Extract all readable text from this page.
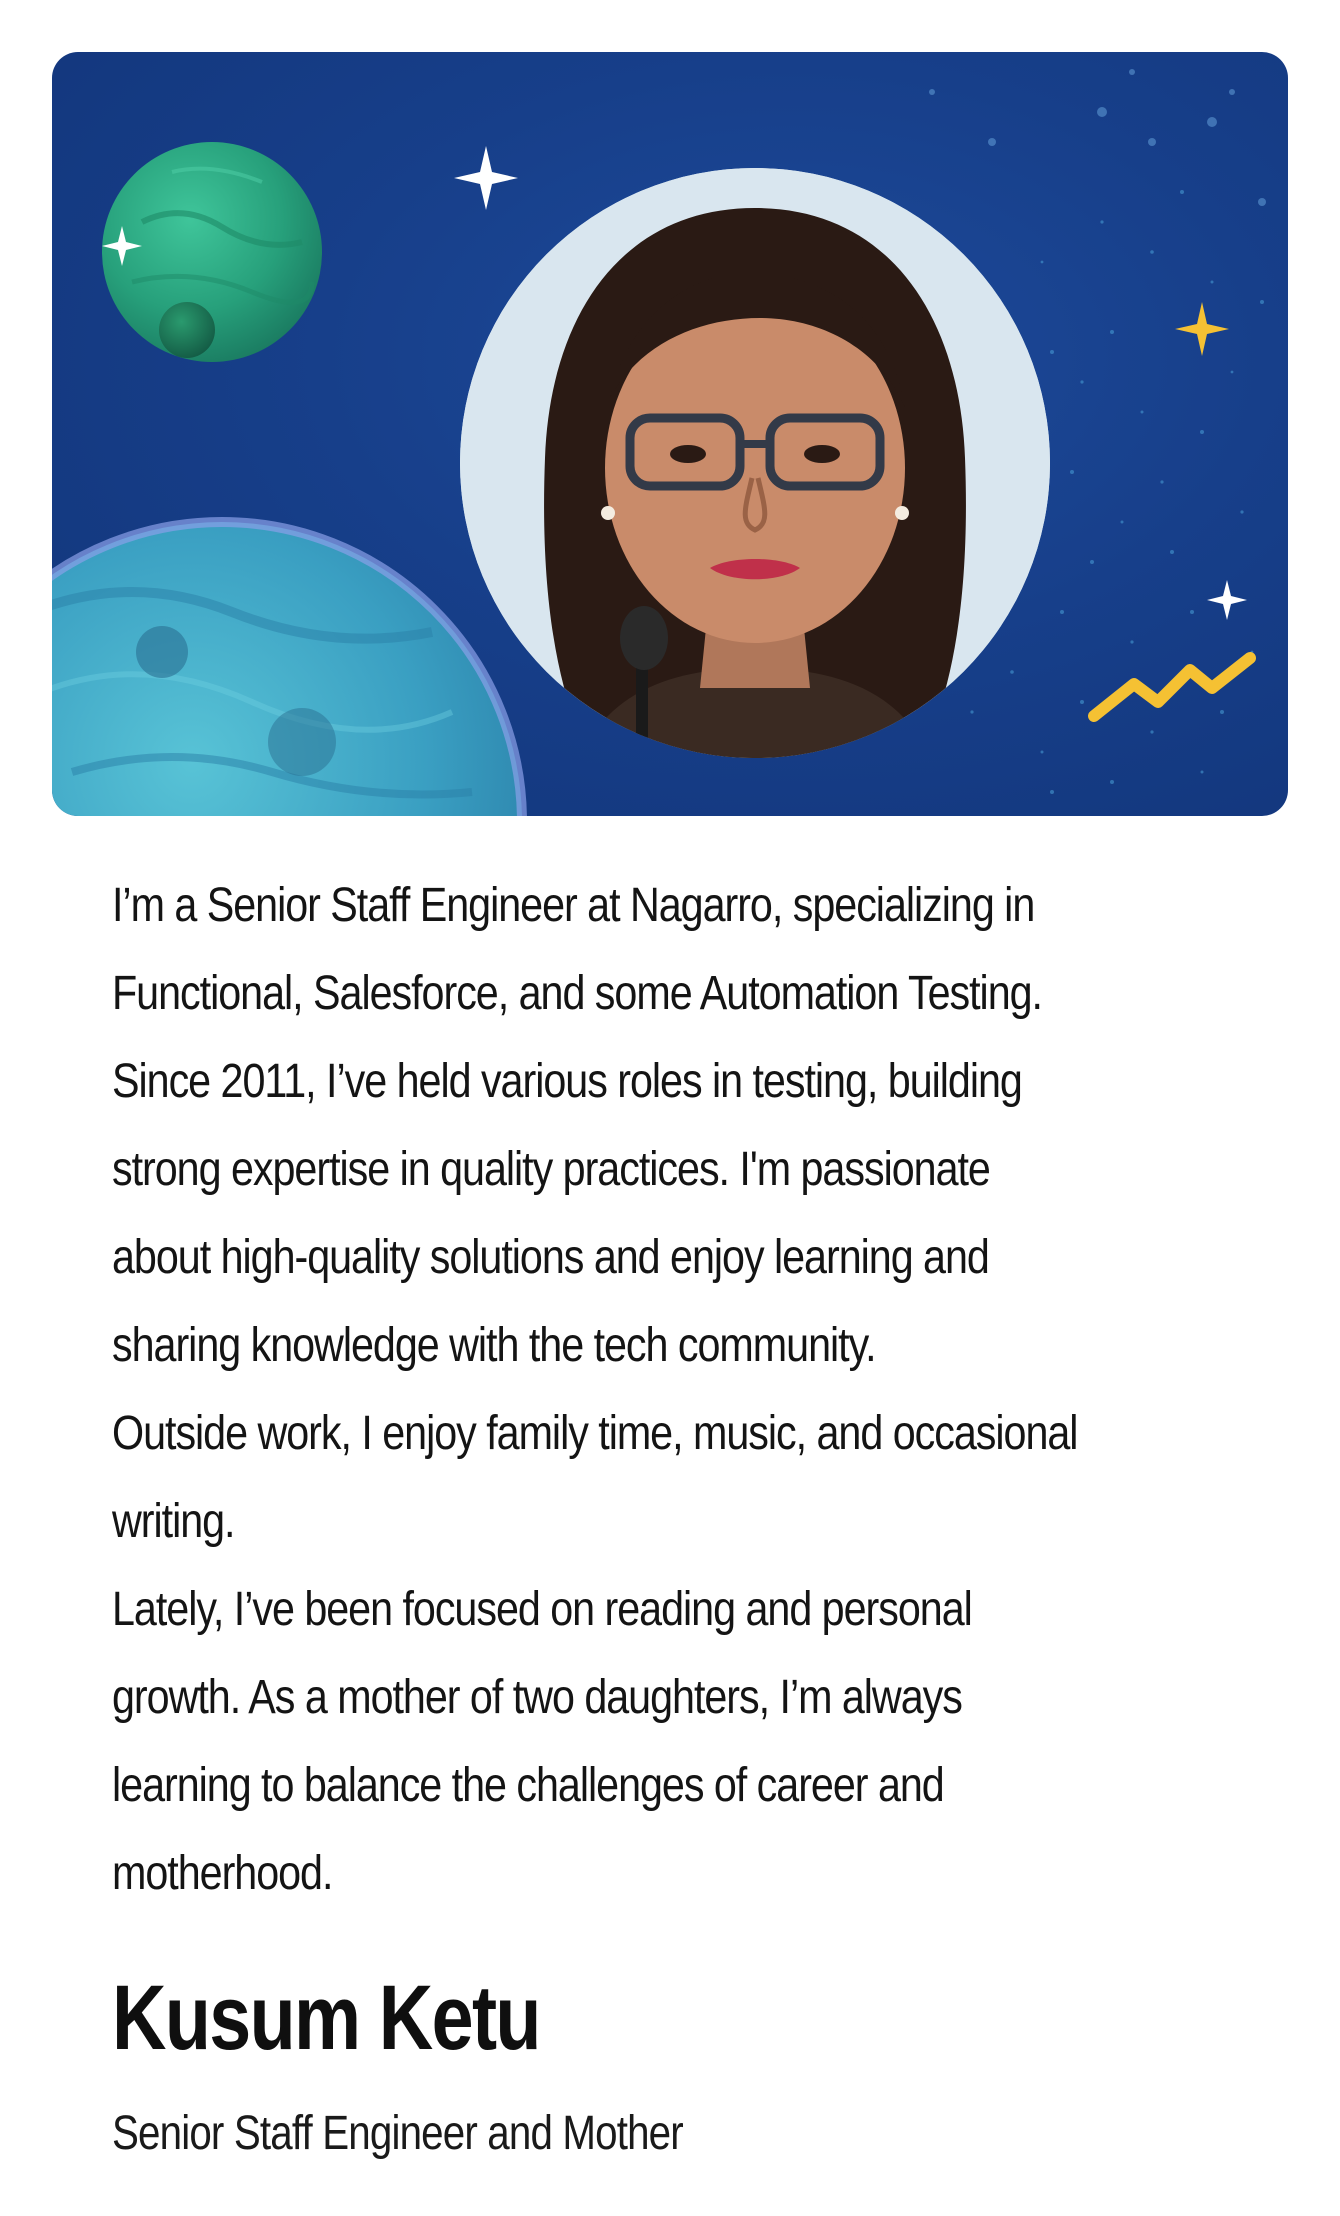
I’m a Senior Staff Engineer at Nagarro, specializing in Functional, Salesforce, and some Automation Testing. Since 2011, I’ve held various roles in testing, building strong expertise in quality practices. I'm passionate about high-quality solutions and enjoy learning and sharing knowledge with the tech community.

Outside work, I enjoy family time, music, and occasional writing.

Lately, I’ve been focused on reading and personal growth. As a mother of two daughters, I’m always learning to balance the challenges of career and motherhood.

Kusum Ketu
Senior Staff Engineer and Mother
